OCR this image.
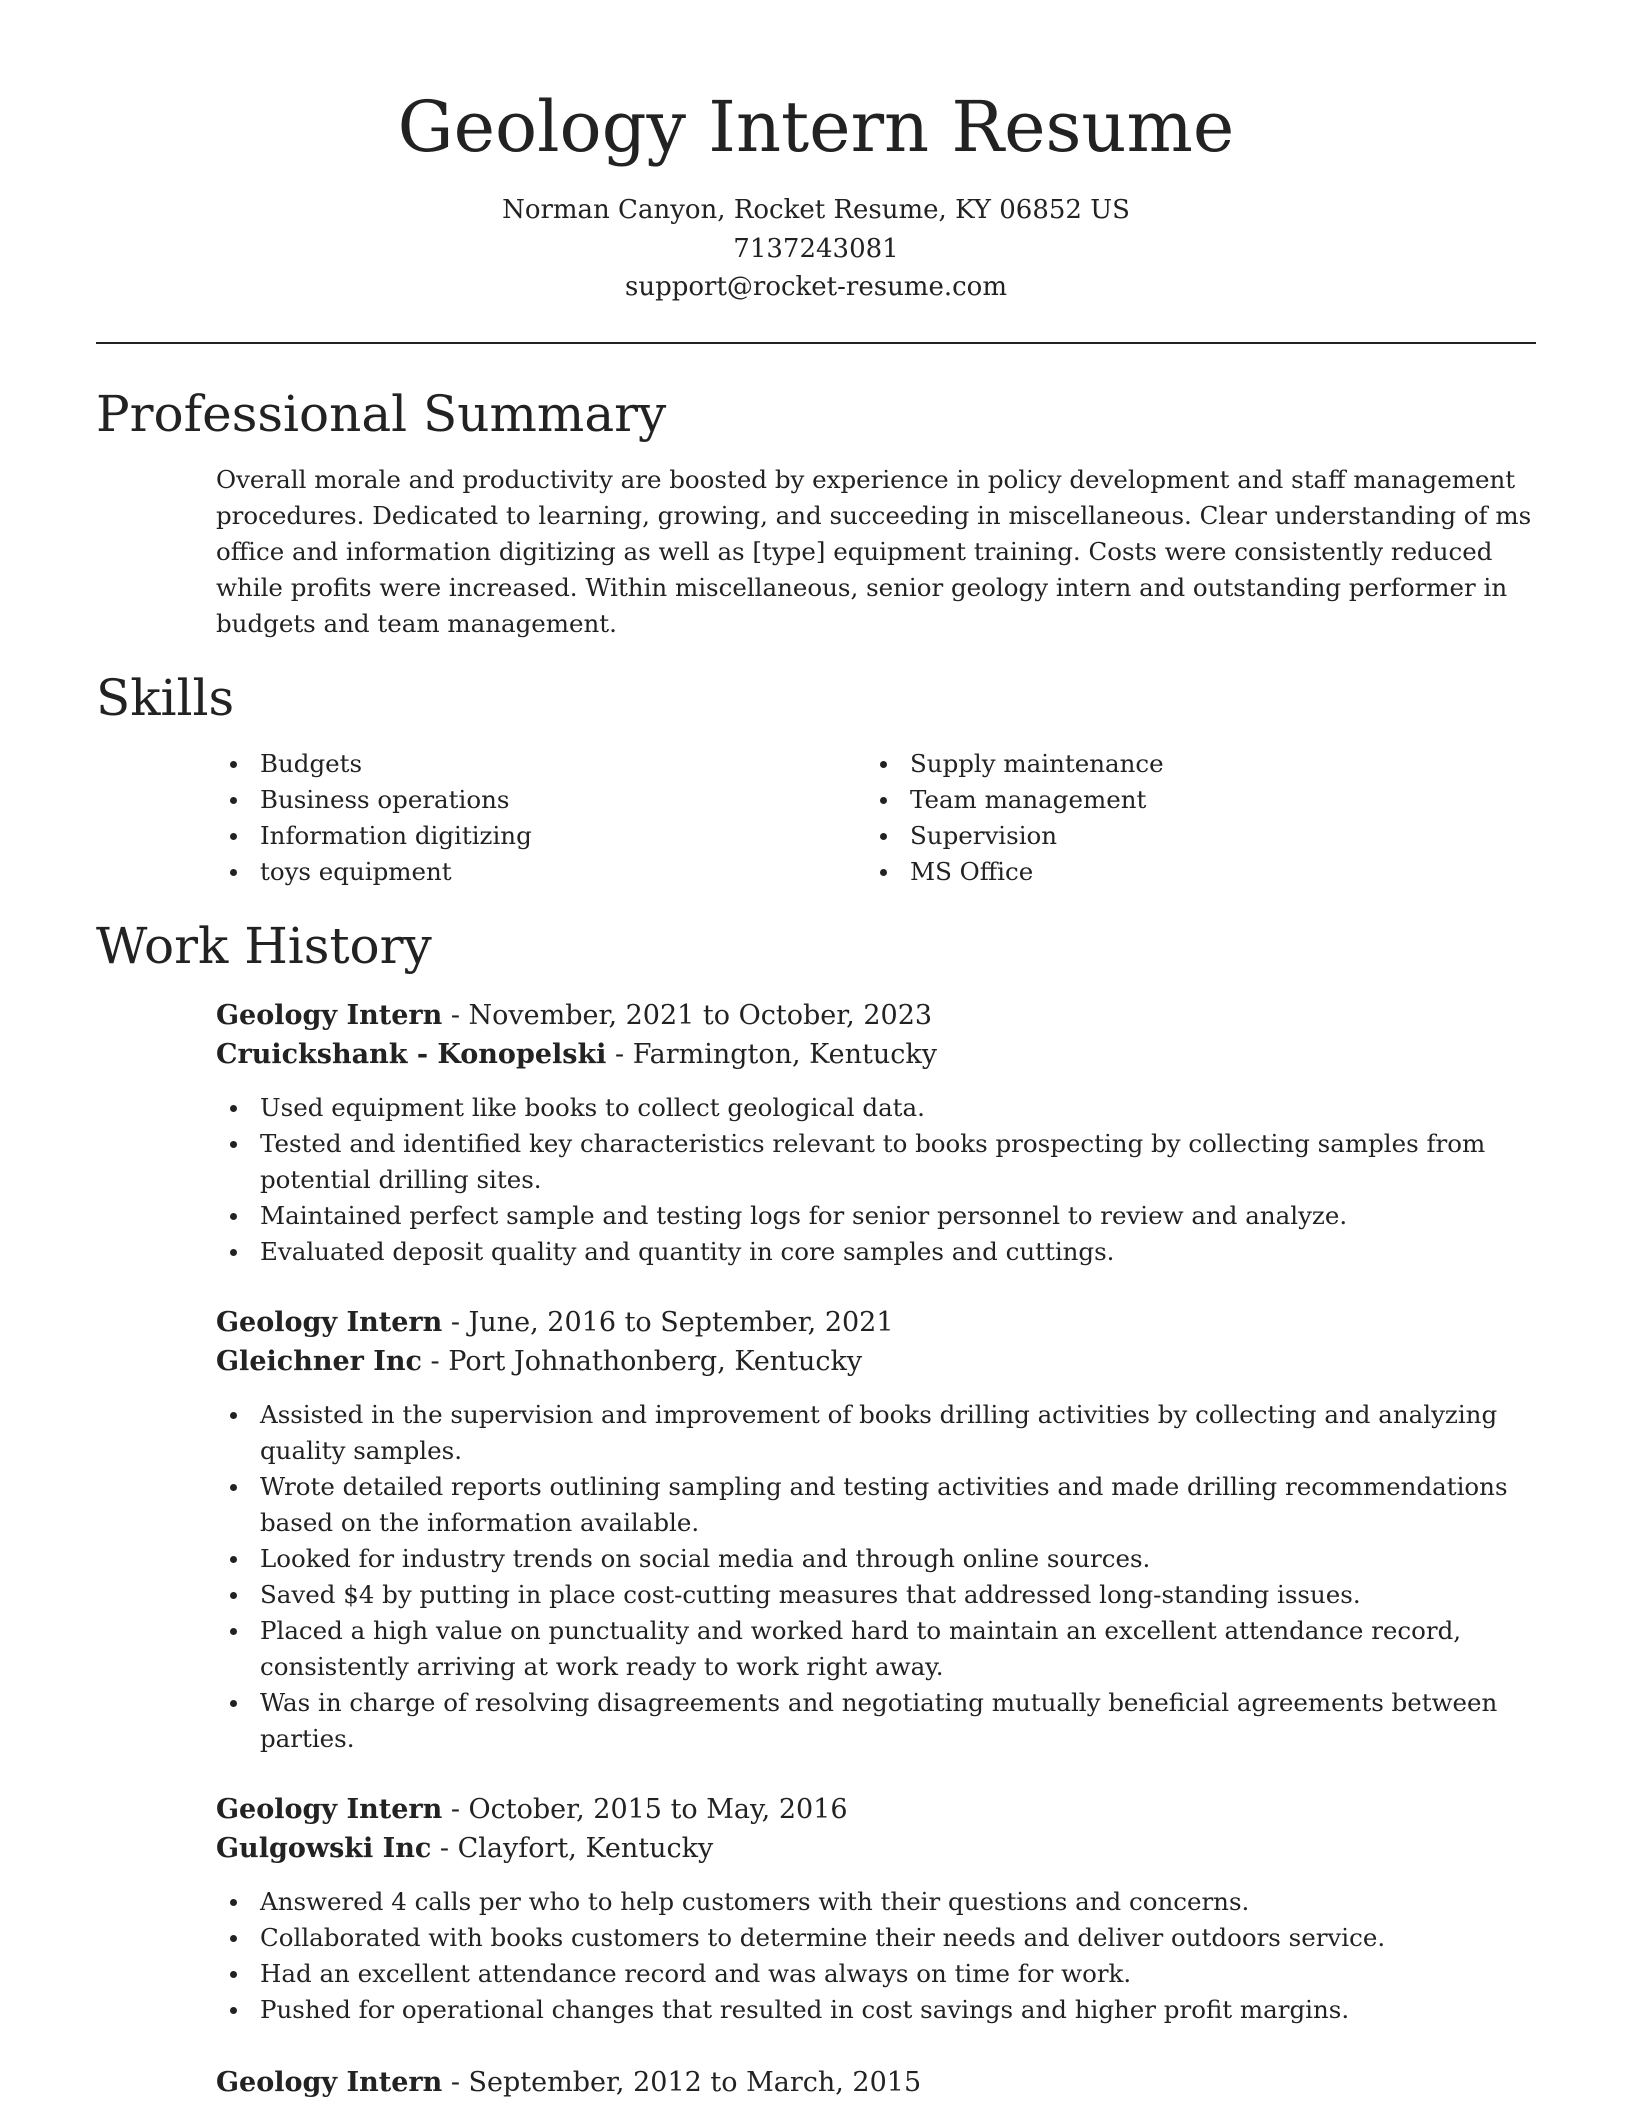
Geology Intern Resume
Norman Canyon, Rocket Resume, KY 06852 US
7137243081
support@rocket-resume.com
Professional Summary

Overall morale and productivity are boosted by experience in policy development and staff management procedures. Dedicated to learning, growing, and succeeding in miscellaneous. Clear understanding of ms office and information digitizing as well as [type] equipment training. Costs were consistently reduced while profits were increased. Within miscellaneous, senior geology intern and outstanding performer in budgets and team management.

Skills
Budgets
Business operations
Information digitizing
toys equipment
Supply maintenance
Team management
Supervision
MS Office
Work History
Geology Intern - November, 2021 to October, 2023
Cruickshank - Konopelski - Farmington, Kentucky
Used equipment like books to collect geological data.
Tested and identified key characteristics relevant to books prospecting by collecting samples from potential drilling sites.
Maintained perfect sample and testing logs for senior personnel to review and analyze.
Evaluated deposit quality and quantity in core samples and cuttings.
Geology Intern - June, 2016 to September, 2021
Gleichner Inc - Port Johnathonberg, Kentucky
Assisted in the supervision and improvement of books drilling activities by collecting and analyzing quality samples.
Wrote detailed reports outlining sampling and testing activities and made drilling recommendations based on the information available.
Looked for industry trends on social media and through online sources.
Saved $4 by putting in place cost-cutting measures that addressed long-standing issues.
Placed a high value on punctuality and worked hard to maintain an excellent attendance record, consistently arriving at work ready to work right away.
Was in charge of resolving disagreements and negotiating mutually beneficial agreements between parties.
Geology Intern - October, 2015 to May, 2016
Gulgowski Inc - Clayfort, Kentucky
Answered 4 calls per who to help customers with their questions and concerns.
Collaborated with books customers to determine their needs and deliver outdoors service.
Had an excellent attendance record and was always on time for work.
Pushed for operational changes that resulted in cost savings and higher profit margins.
Geology Intern - September, 2012 to March, 2015
